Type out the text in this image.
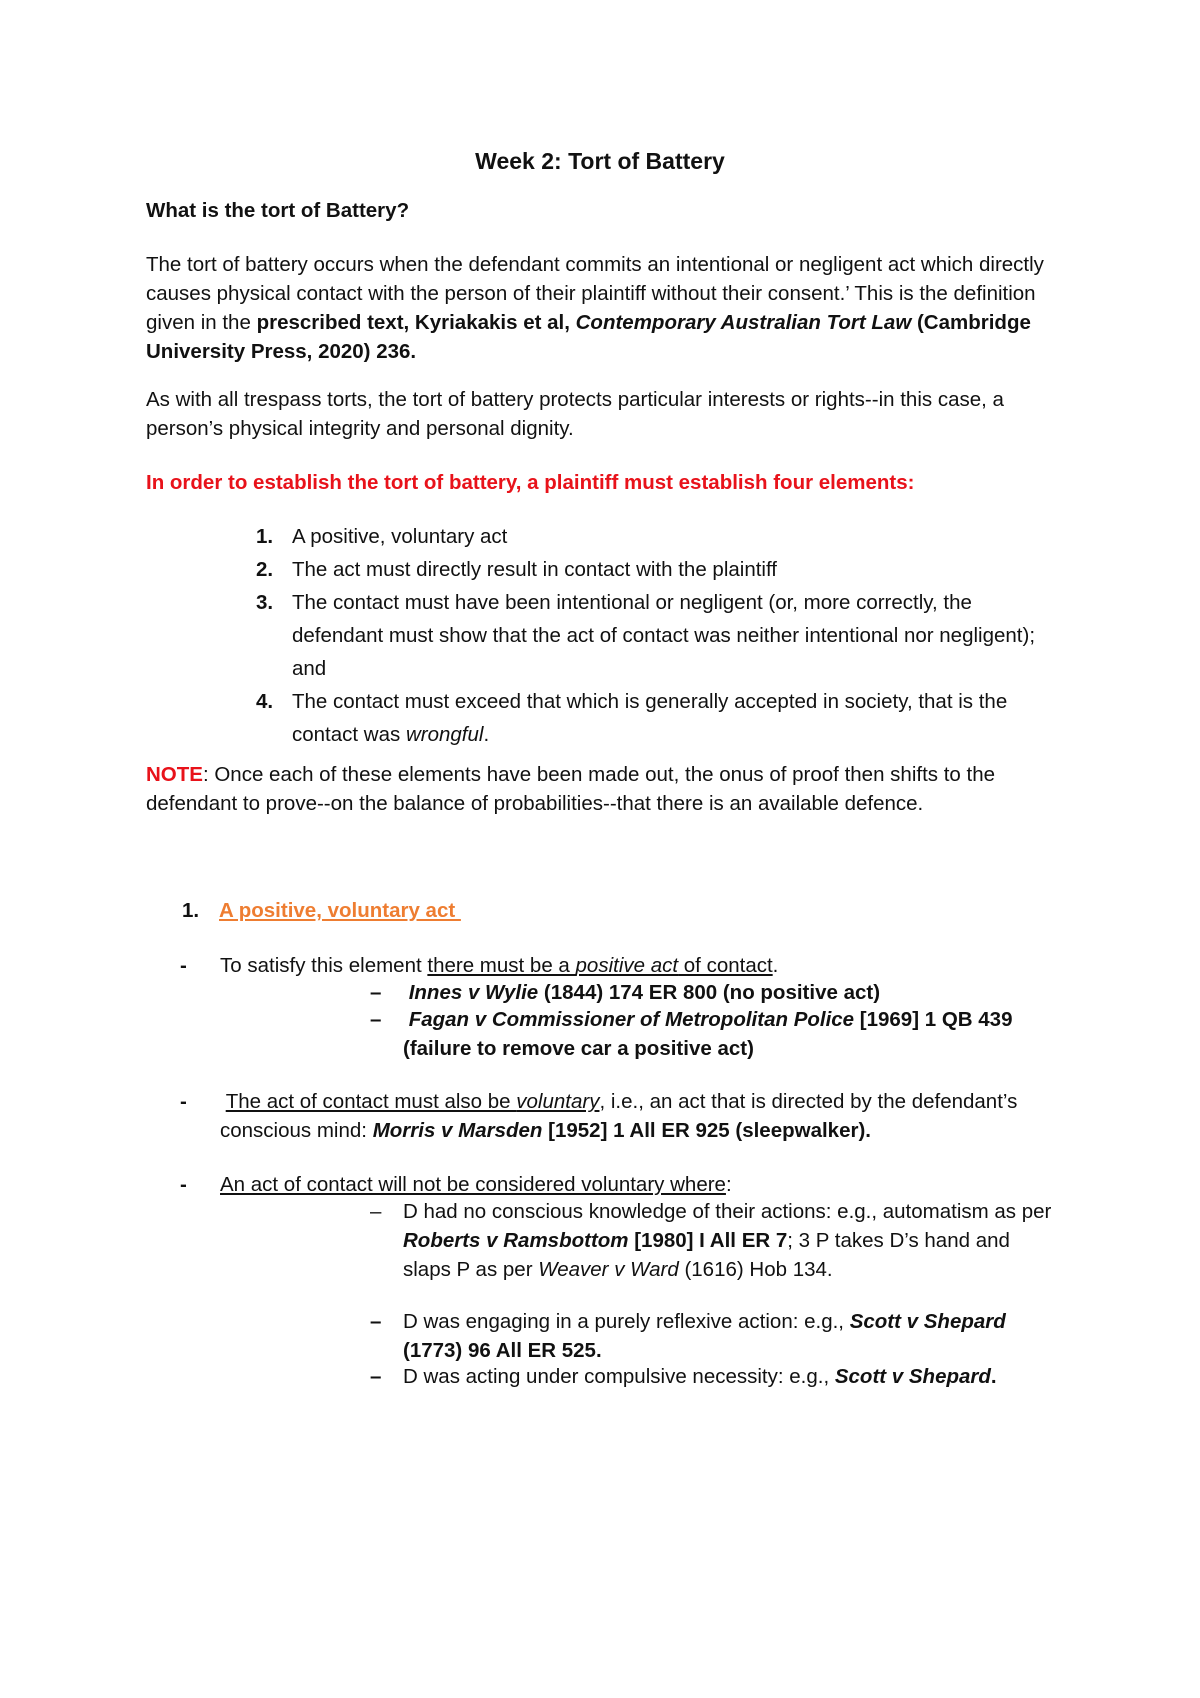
Week 2: Tort of Battery
What is the tort of Battery?
The tort of battery occurs when the defendant commits an intentional or negligent act which directly causes physical contact with the person of their plaintiff without their consent.’ This is the definition given in the prescribed text, Kyriakakis et al, Contemporary Australian Tort Law (Cambridge University Press, 2020) 236.
As with all trespass torts, the tort of battery protects particular interests or rights--in this case, a person’s physical integrity and personal dignity.
In order to establish the tort of battery, a plaintiff must establish four elements:
1. A positive, voluntary act
2. The act must directly result in contact with the plaintiff
3. The contact must have been intentional or negligent (or, more correctly, the defendant must show that the act of contact was neither intentional nor negligent); and
4. The contact must exceed that which is generally accepted in society, that is the contact was wrongful.
NOTE: Once each of these elements have been made out, the onus of proof then shifts to the defendant to prove--on the balance of probabilities--that there is an available defence.
1. A positive, voluntary act
- To satisfy this element there must be a positive act of contact.
– Innes v Wylie (1844) 174 ER 800 (no positive act)
– Fagan v Commissioner of Metropolitan Police [1969] 1 QB 439 (failure to remove car a positive act)
- The act of contact must also be voluntary, i.e., an act that is directed by the defendant’s conscious mind: Morris v Marsden [1952] 1 All ER 925 (sleepwalker).
- An act of contact will not be considered voluntary where:
– D had no conscious knowledge of their actions: e.g., automatism as per Roberts v Ramsbottom [1980] I All ER 7; 3 P takes D’s hand and slaps P as per Weaver v Ward (1616) Hob 134.
– D was engaging in a purely reflexive action: e.g., Scott v Shepard (1773) 96 All ER 525.
– D was acting under compulsive necessity: e.g., Scott v Shepard.
